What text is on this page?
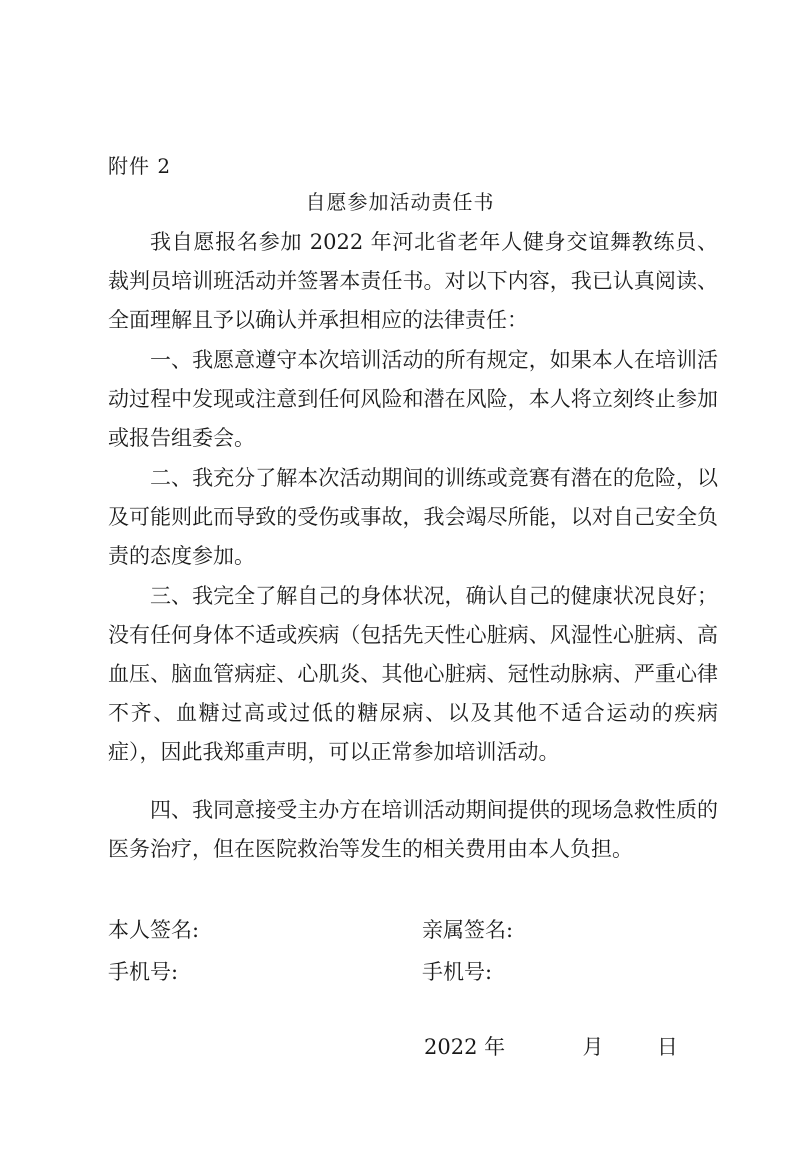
附件 2
自愿参加活动责任书

我自愿报名参加 2022 年河北省老年人健身交谊舞教练员、裁判员培训班活动并签署本责任书。对以下内容，我已认真阅读、全面理解且予以确认并承担相应的法律责任：

一、我愿意遵守本次培训活动的所有规定，如果本人在培训活动过程中发现或注意到任何风险和潜在风险，本人将立刻终止参加或报告组委会。

二、我充分了解本次活动期间的训练或竞赛有潜在的危险，以及可能则此而导致的受伤或事故，我会竭尽所能，以对自己安全负责的态度参加。

三、我完全了解自己的身体状况，确认自己的健康状况良好；没有任何身体不适或疾病（包括先天性心脏病、风湿性心脏病、高血压、脑血管病症、心肌炎、其他心脏病、冠性动脉病、严重心律不齐、血糖过高或过低的糖尿病、以及其他不适合运动的疾病症），因此我郑重声明，可以正常参加培训活动。

四、我同意接受主办方在培训活动期间提供的现场急救性质的医务治疗，但在医院救治等发生的相关费用由本人负担。

本人签名:	亲属签名:
手机号:	手机号:
2022 年	月	日
